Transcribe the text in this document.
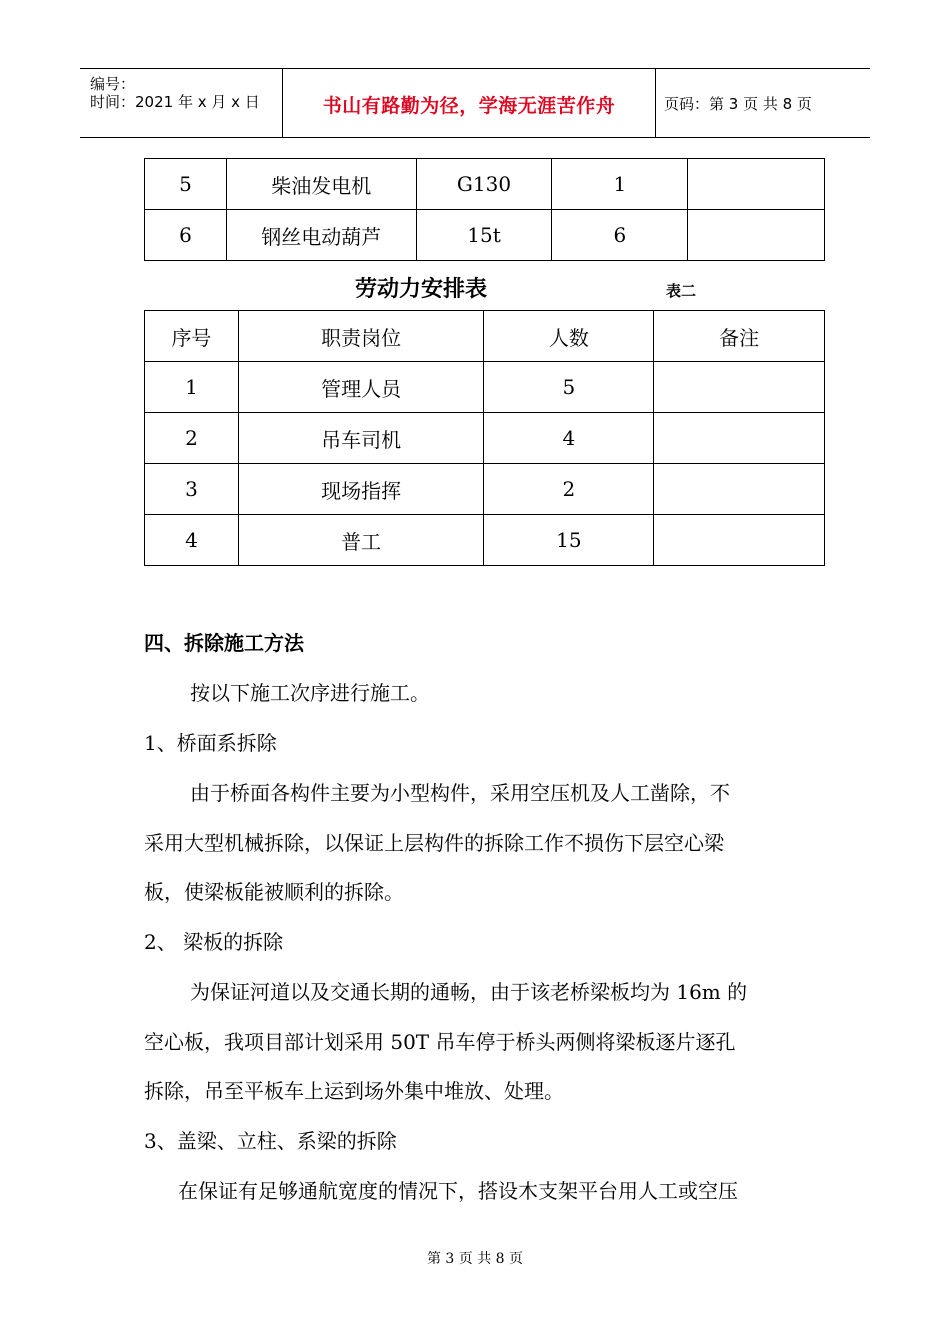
编号：
时间：2021 年 x 月 x 日	书山有路勤为径，学海无涯苦作舟	页码：第 3 页 共 8 页
5	柴油发电机	G130	1	
6	钢丝电动葫芦	15t	6	
劳动力安排表	表二
序号	职责岗位	人数	备注
1	管理人员	5	
2	吊车司机	4	
3	现场指挥	2	
4	普工	15	
四、拆除施工方法
按以下施工次序进行施工。
1、桥面系拆除
由于桥面各构件主要为小型构件，采用空压机及人工凿除，不
采用大型机械拆除，以保证上层构件的拆除工作不损伤下层空心梁
板，使梁板能被顺利的拆除。
2、 梁板的拆除
为保证河道以及交通长期的通畅，由于该老桥梁板均为 16m 的
空心板，我项目部计划采用 50T 吊车停于桥头两侧将梁板逐片逐孔
拆除，吊至平板车上运到场外集中堆放、处理。
3、盖梁、立柱、系梁的拆除
在保证有足够通航宽度的情况下，搭设木支架平台用人工或空压
第 3 页 共 8 页
